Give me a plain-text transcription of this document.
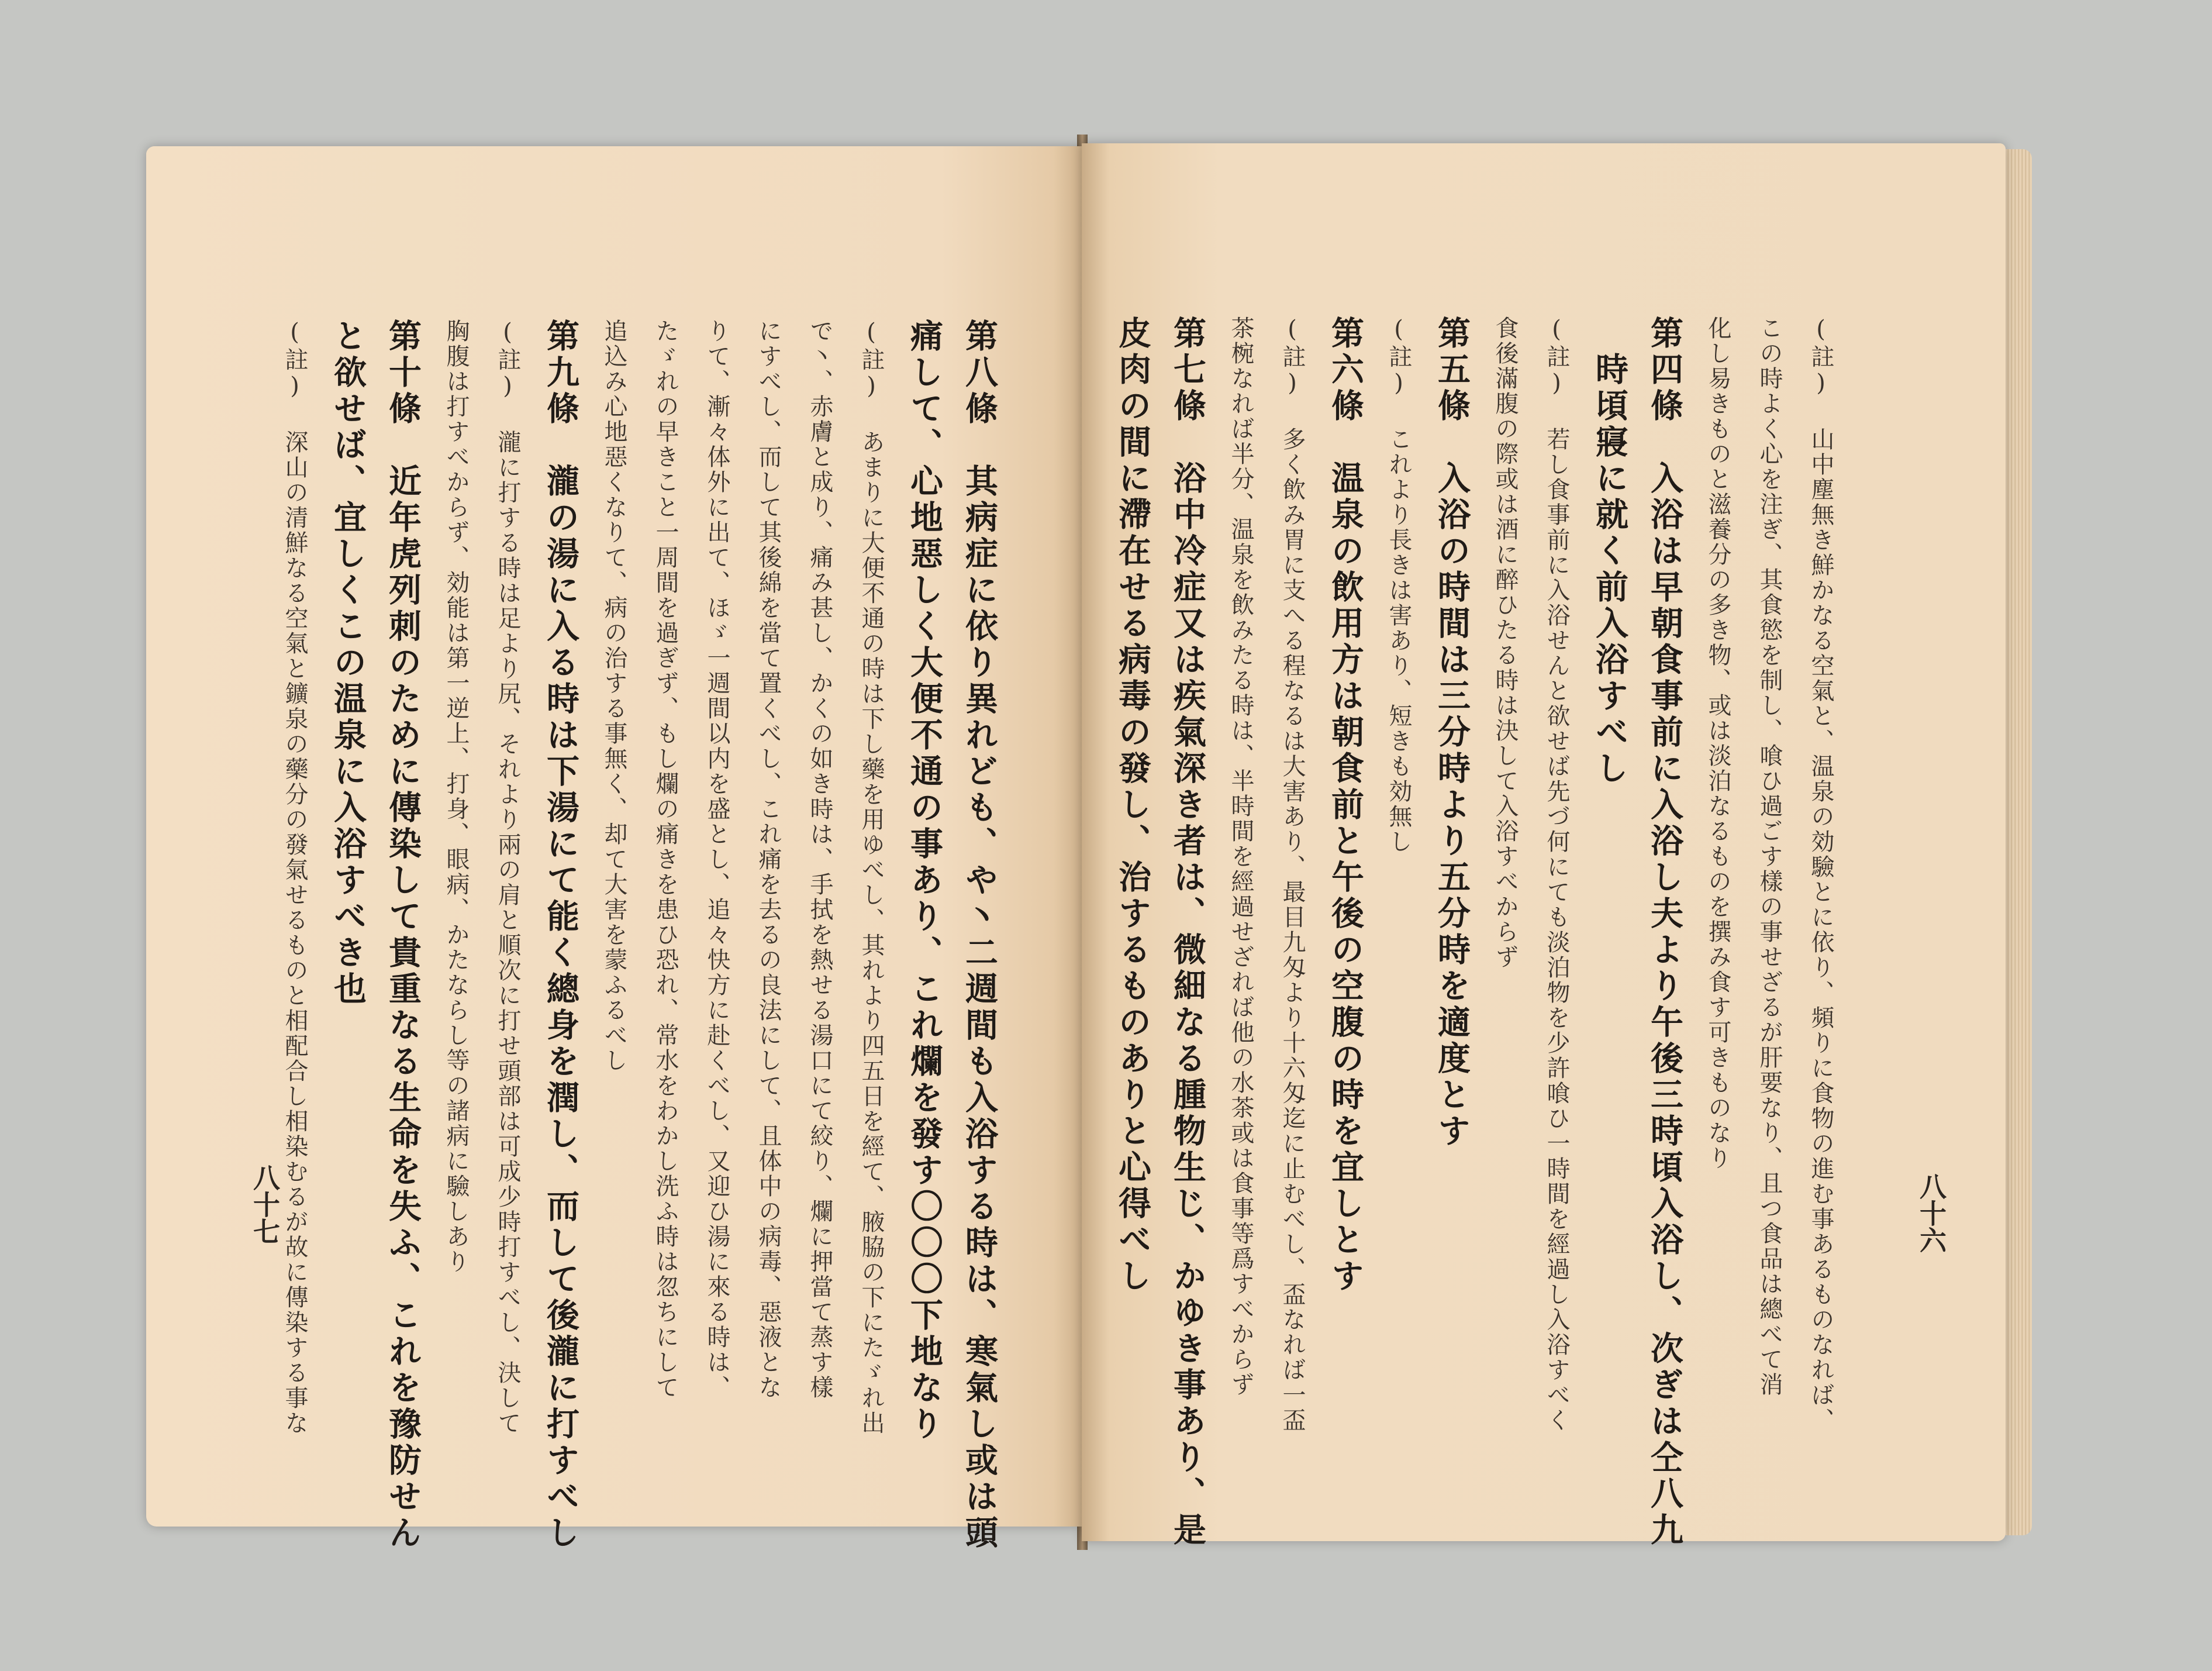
第八條　其病症に依り異れども、や丶二週間も入浴する時は、寒氣し或は頭
痛して、心地惡しく大便不通の事あり、これ爛を發す〇〇〇下地なり
(註) あまりに大便不通の時は下し藥を用ゆべし、其れより四五日を經て、腋脇の下にたゞれ出
で丶、赤膚と成り、痛み甚し、かくの如き時は、手拭を熱せる湯口にて絞り、爛に押當て蒸す樣
にすべし、而して其後綿を當て置くべし、これ痛を去るの良法にして、且体中の病毒、惡液とな
りて、漸々体外に出て、ほゞ一週間以内を盛とし、追々快方に赴くべし、又迎ひ湯に來る時は、
たゞれの早きこと一周間を過ぎず、もし爛の痛きを患ひ恐れ、常水をわかし洗ふ時は忽ちにして
追込み心地惡くなりて、病の治する事無く、却て大害を蒙ふるべし
第九條　瀧の湯に入る時は下湯にて能く總身を潤し、而して後瀧に打すべし
(註) 瀧に打する時は足より尻、それより兩の肩と順次に打せ頭部は可成少時打すべし、決して
胸腹は打すべからず、効能は第一逆上、打身、眼病、かたならし等の諸病に驗しあり
第十條　近年虎列刺のために傳染して貴重なる生命を失ふ、これを豫防せん
と欲せば、宜しくこの温泉に入浴すべき也
(註) 深山の清鮮なる空氣と鑛泉の藥分の發氣せるものと相配合し相染むるが故に傳染する事な
八十七	(註) 山中塵無き鮮かなる空氣と、温泉の効驗とに依り、頻りに食物の進む事あるものなれば、
この時よく心を注ぎ、其食慾を制し、喰ひ過ごす樣の事せざるが肝要なり、且つ食品は總べて消
化し易きものと滋養分の多き物、或は淡泊なるものを撰み食す可きものなり
第四條　入浴は早朝食事前に入浴し夫より午後三時頃入浴し、次ぎは仝八九
　時頃寢に就く前入浴すべし
(註) 若し食事前に入浴せんと欲せば先づ何にても淡泊物を少許喰ひ一時間を經過し入浴すべく
食後滿腹の際或は酒に醉ひたる時は決して入浴すべからず
第五條　入浴の時間は三分時より五分時を適度とす
(註) これより長きは害あり、短きも効無し
第六條　温泉の飲用方は朝食前と午後の空腹の時を宜しとす
(註) 多く飲み胃に支へる程なるは大害あり、最目九匁より十六匁迄に止むべし、盃なれば一盃
茶椀なれば半分、温泉を飲みたる時は、半時間を經過せざれば他の水茶或は食事等爲すべからず
第七條　浴中冷症又は疾氣深き者は、微細なる腫物生じ、かゆき事あり、是
皮肉の間に滯在せる病毒の發し、治するものありと心得べし	八十六
